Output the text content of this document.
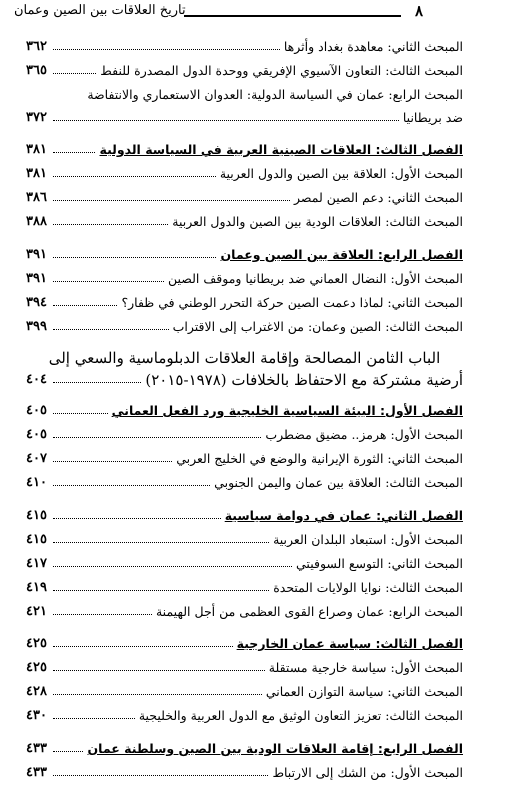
٨
تاريخ العلاقات بين الصين وعمان
المبحث الثاني: معاهدة بغداد وأثرها
٣٦٢
المبحث الثالث: التعاون الآسيوي الإفريقي ووحدة الدول المصدرة للنفط
٣٦٥
المبحث الرابع: عمان في السياسة الدولية: العدوان الاستعماري والانتفاضة
ضد بريطانيا
٣٧٢
الفصل الثالث: العلاقات الصينية العربية في السياسة الدولية
٣٨١
المبحث الأول: العلاقة بين الصين والدول العربية
٣٨١
المبحث الثاني: دعم الصين لمصر
٣٨٦
المبحث الثالث: العلاقات الودية بين الصين والدول العربية
٣٨٨
الفصل الرابع: العلاقة بين الصين وعمان
٣٩١
المبحث الأول: النضال العماني ضد بريطانيا وموقف الصين
٣٩١
المبحث الثاني: لماذا دعمت الصين حركة التحرر الوطني في ظفار؟
٣٩٤
المبحث الثالث: الصين وعمان: من الاغتراب إلى الاقتراب
٣٩٩
الباب الثامن المصالحة وإقامة العلاقات الدبلوماسية والسعي إلى
أرضية مشتركة مع الاحتفاظ بالخلافات (١٩٧٨-٢٠١٥)
٤٠٤
الفصل الأول: البيئة السياسية الخليجية ورد الفعل العماني
٤٠٥
المبحث الأول: هرمز.. مضيق مضطرب
٤٠٥
المبحث الثاني: الثورة الإيرانية والوضع في الخليج العربي
٤٠٧
المبحث الثالث: العلاقة بين عمان واليمن الجنوبي
٤١٠
الفصل الثاني: عمان في دوامة سياسية
٤١٥
المبحث الأول: استبعاد البلدان العربية
٤١٥
المبحث الثاني: التوسع السوفيتي
٤١٧
المبحث الثالث: نوايا الولايات المتحدة
٤١٩
المبحث الرابع: عمان وصراع القوى العظمى من أجل الهيمنة
٤٢١
الفصل الثالث: سياسة عمان الخارجية
٤٢٥
المبحث الأول: سياسة خارجية مستقلة
٤٢٥
المبحث الثاني: سياسة التوازن العماني
٤٢٨
المبحث الثالث: تعزيز التعاون الوثيق مع الدول العربية والخليجية
٤٣٠
الفصل الرابع: إقامة العلاقات الودية بين الصين وسلطنة عمان
٤٣٣
المبحث الأول: من الشك إلى الارتباط
٤٣٣
